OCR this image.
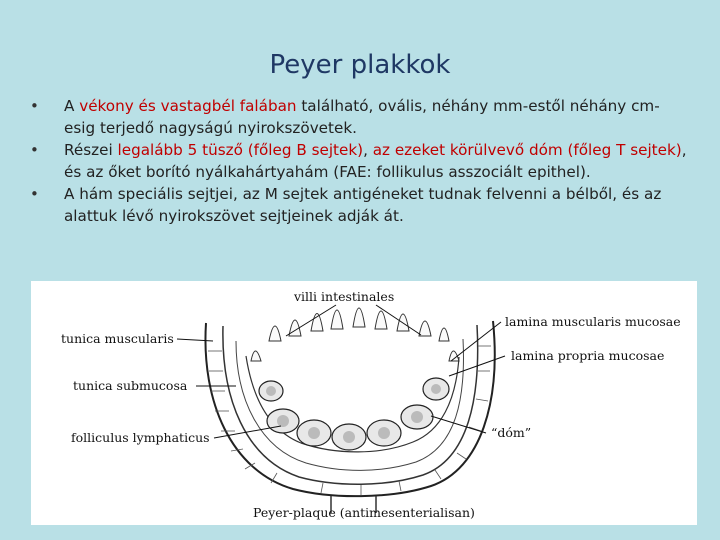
Peyer plakkok
• A vékony és vastagbél falában található, ovális, néhány mm-estől néhány cm-esig terjedő nagyságú nyirokszövetek.
• Részei legalább 5 tüsző (főleg B sejtek), az ezeket körülvevő dóm (főleg T sejtek), és az őket borító nyálkahártyahám (FAE: follikulus asszociált epithel).
• A hám speciális sejtjei, az M sejtek antigéneket tudnak felvenni a bélből, és az alattuk lévő nyirokszövet sejtjeinek adják át.
villi intestinales
lamina muscularis mucosae
lamina propria mucosae
tunica muscularis
tunica submucosa
folliculus lymphaticus	“dóm”
Peyer-plaque (antimesenterialisan)
